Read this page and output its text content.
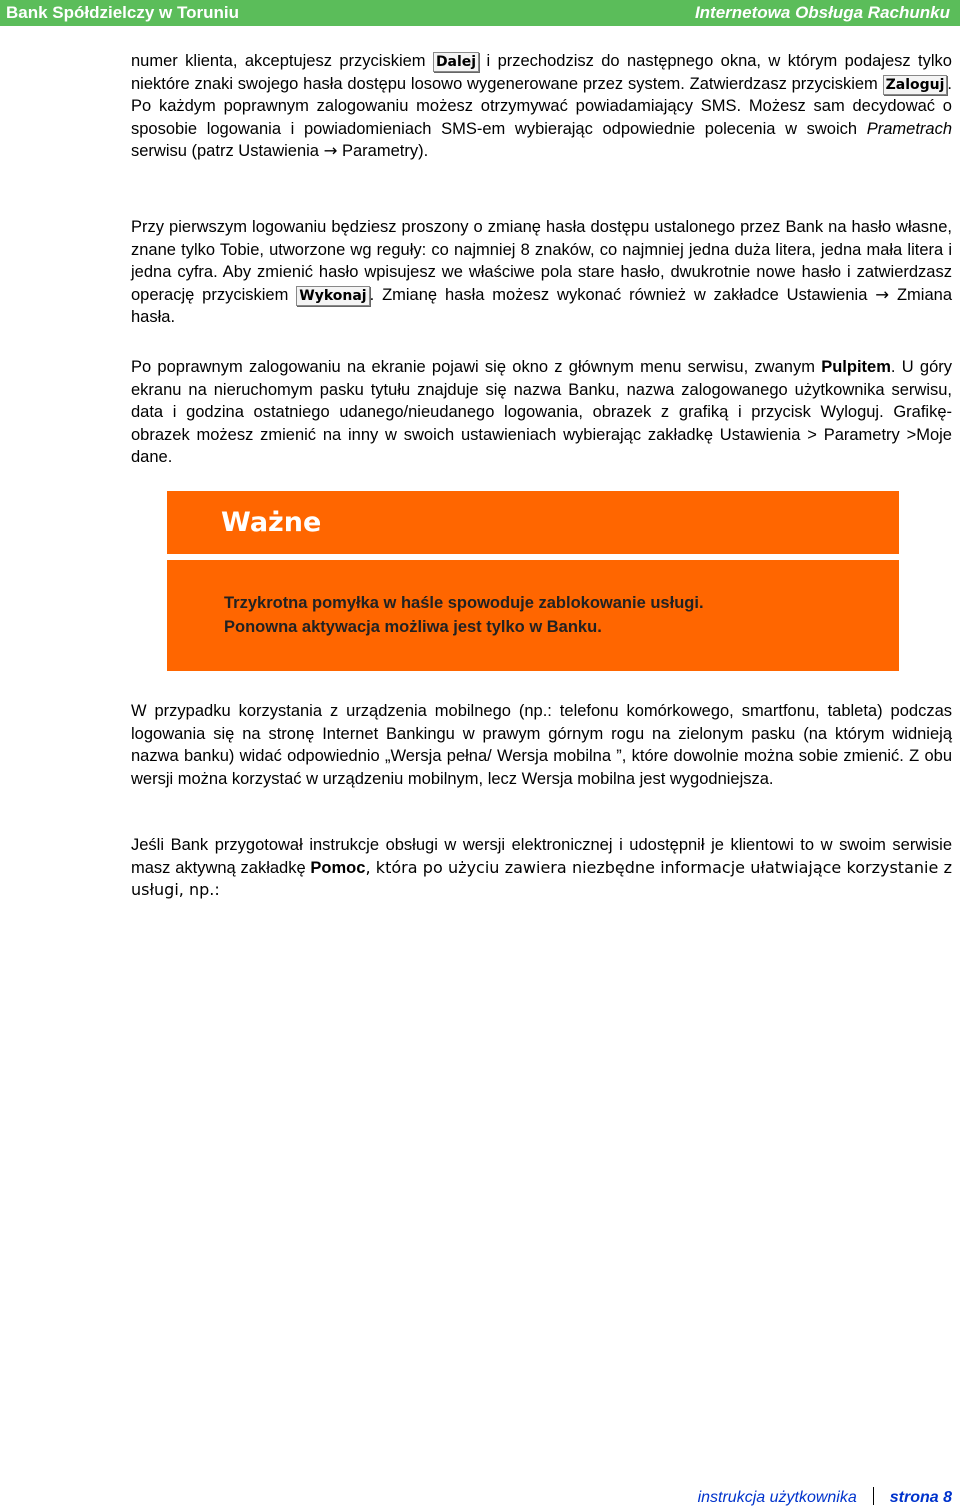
Bank Spółdzielczy w Toruniu	Internetowa Obsługa Rachunku
numer klienta, akceptujesz przyciskiem Dalej i przechodzisz do następnego okna, w którym podajesz tylko niektóre znaki swojego hasła dostępu losowo wygenerowane przez system. Zatwierdzasz przyciskiem Zaloguj . Po każdym poprawnym zalogowaniu możesz otrzymywać powiadamiający SMS. Możesz sam decydować o sposobie logowania i powiadomieniach SMS-em wybierając odpowiednie polecenia w swoich Prametrach serwisu (patrz Ustawienia → Parametry).
Przy pierwszym logowaniu będziesz proszony o zmianę hasła dostępu ustalonego przez Bank na hasło własne, znane tylko Tobie, utworzone wg reguły: co najmniej 8 znaków, co najmniej jedna duża litera, jedna mała litera i jedna cyfra. Aby zmienić hasło wpisujesz we właściwe pola stare hasło, dwukrotnie nowe hasło i zatwierdzasz operację przyciskiem Wykonaj . Zmianę hasła możesz wykonać również w zakładce Ustawienia → Zmiana hasła.
Po poprawnym zalogowaniu na ekranie pojawi się okno z głównym menu serwisu, zwanym Pulpitem. U góry ekranu na nieruchomym pasku tytułu znajduje się nazwa Banku, nazwa zalogowanego użytkownika serwisu, data i godzina ostatniego udanego/nieudanego logowania, obrazek z grafiką i przycisk Wyloguj. Grafikę- obrazek możesz zmienić na inny w swoich ustawieniach wybierając zakładkę Ustawienia > Parametry >Moje dane.
Ważne
Trzykrotna pomyłka w haśle spowoduje zablokowanie usługi.
Ponowna aktywacja możliwa jest tylko w Banku.
W przypadku korzystania z urządzenia mobilnego (np.: telefonu komórkowego, smartfonu, tableta) podczas logowania się na stronę Internet Bankingu w prawym górnym rogu na zielonym pasku (na którym widnieją nazwa banku) widać odpowiednio „Wersja pełna/ Wersja mobilna ”, które dowolnie można sobie zmienić. Z obu wersji można korzystać w urządzeniu mobilnym, lecz Wersja mobilna jest wygodniejsza.
Jeśli Bank przygotował instrukcje obsługi w wersji elektronicznej i udostępnił je klientowi to w swoim serwisie masz aktywną zakładkę Pomoc, która po użyciu zawiera niezbędne informacje ułatwiające korzystanie z usługi, np.:
instrukcja użytkownika strona 8
